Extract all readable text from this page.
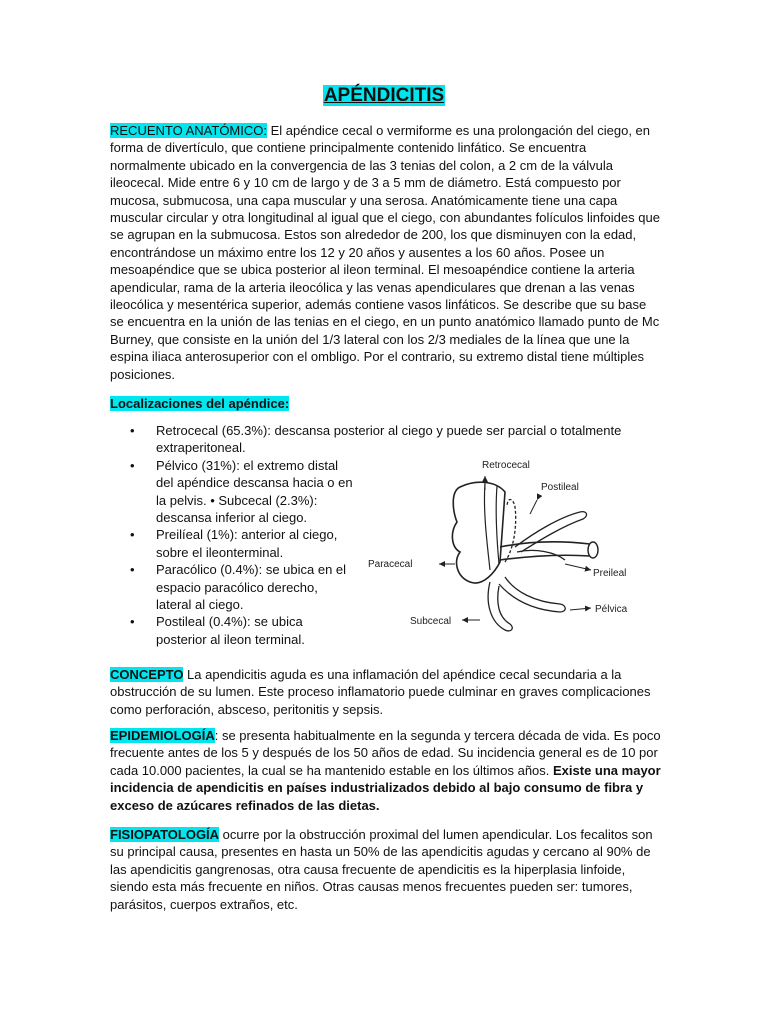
APÉNDICITIS
RECUENTO ANATÓMICO: El apéndice cecal o vermiforme es una prolongación del ciego, en forma de divertículo, que contiene principalmente contenido linfático. Se encuentra normalmente ubicado en la convergencia de las 3 tenias del colon, a 2 cm de la válvula ileocecal. Mide entre 6 y 10 cm de largo y de 3 a 5 mm de diámetro. Está compuesto por mucosa, submucosa, una capa muscular y una serosa. Anatómicamente tiene una capa muscular circular y otra longitudinal al igual que el ciego, con abundantes folículos linfoides que se agrupan en la submucosa. Estos son alrededor de 200, los que disminuyen con la edad, encontrándose un máximo entre los 12 y 20 años y ausentes a los 60 años. Posee un mesoapéndice que se ubica posterior al ileon terminal. El mesoapéndice contiene la arteria apendicular, rama de la arteria ileocólica y las venas apendiculares que drenan a las venas ileocólica y mesentérica superior, además contiene vasos linfáticos. Se describe que su base se encuentra en la unión de las tenias en el ciego, en un punto anatómico llamado punto de Mc Burney, que consiste en la unión del 1/3 lateral con los 2/3 mediales de la línea que une la espina iliaca anterosuperior con el ombligo. Por el contrario, su extremo distal tiene múltiples posiciones.
Localizaciones del apéndice:
• Retrocecal (65.3%): descansa posterior al ciego y puede ser parcial o totalmente extraperitoneal.
• Pélvico (31%): el extremo distal del apéndice descansa hacia o en la pelvis. • Subcecal (2.3%): descansa inferior al ciego.
• Preilíeal (1%): anterior al ciego, sobre el ileonterminal.
• Paracólico (0.4%): se ubica en el espacio paracólico derecho, lateral al ciego.
• Postileal (0.4%): se ubica posterior al ileon terminal.
Retrocecal
Postileal
Paracecal
Preileal
Subcecal
Pélvica
CONCEPTO La apendicitis aguda es una inflamación del apéndice cecal secundaria a la obstrucción de su lumen. Este proceso inflamatorio puede culminar en graves complicaciones como perforación, absceso, peritonitis y sepsis.
EPIDEMIOLOGÍA: se presenta habitualmente en la segunda y tercera década de vida. Es poco frecuente antes de los 5 y después de los 50 años de edad. Su incidencia general es de 10 por cada 10.000 pacientes, la cual se ha mantenido estable en los últimos años. Existe una mayor incidencia de apendicitis en países industrializados debido al bajo consumo de fibra y exceso de azúcares refinados de las dietas.
FISIOPATOLOGÍA ocurre por la obstrucción proximal del lumen apendicular. Los fecalitos son su principal causa, presentes en hasta un 50% de las apendicitis agudas y cercano al 90% de las apendicitis gangrenosas, otra causa frecuente de apendicitis es la hiperplasia linfoide, siendo esta más frecuente en niños. Otras causas menos frecuentes pueden ser: tumores, parásitos, cuerpos extraños, etc.
